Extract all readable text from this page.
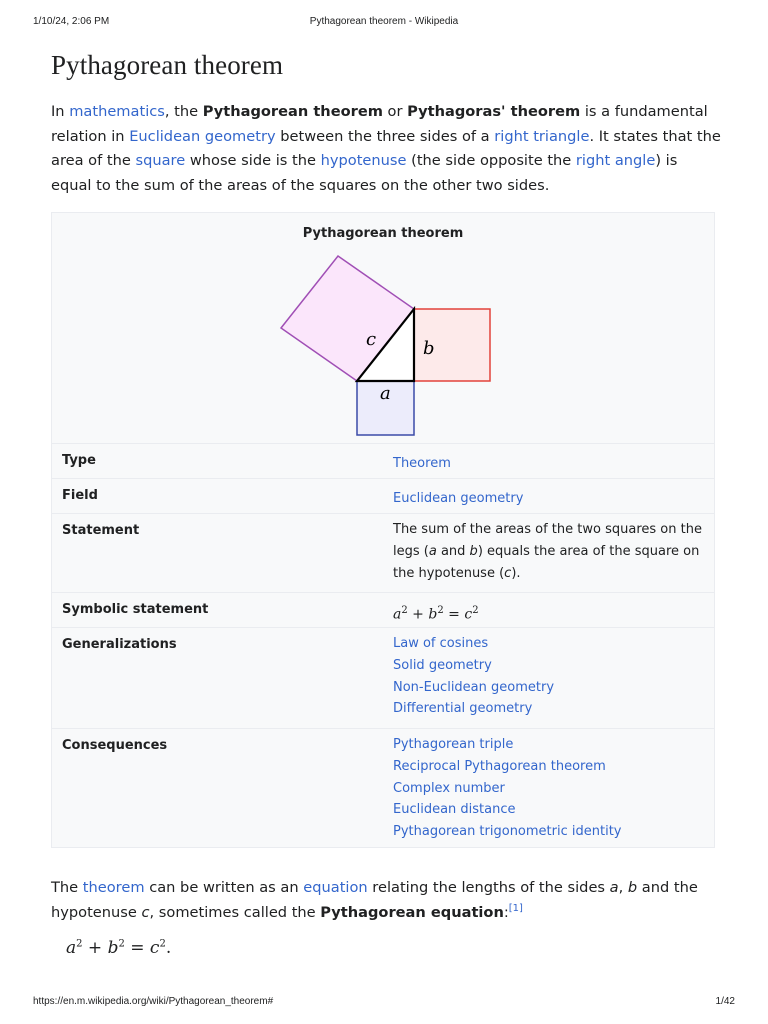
1/10/24, 2:06 PM	Pythagorean theorem - Wikipedia
Pythagorean theorem

In mathematics, the Pythagorean theorem or Pythagoras' theorem is a fundamental relation in Euclidean geometry between the three sides of a right triangle. It states that the area of the square whose side is the hypotenuse (the side opposite the right angle) is equal to the sum of the areas of the squares on the other two sides.

Pythagorean theorem
c	b
a
Type	Theorem
Field	Euclidean geometry
Statement	The sum of the areas of the two squares on the legs (a and b) equals the area of the square on the hypotenuse (c).
Symbolic statement	$a^2 + b^2 = c^2$
Generalizations	Law of cosines
Solid geometry
Non-Euclidean geometry
Differential geometry
Consequences	Pythagorean triple
Reciprocal Pythagorean theorem
Complex number
Euclidean distance
Pythagorean trigonometric identity

The theorem can be written as an equation relating the lengths of the sides a, b and the hypotenuse c, sometimes called the Pythagorean equation:[1]

$a^2 + b^2 = c^2$.
https://en.m.wikipedia.org/wiki/Pythagorean_theorem#	1/42
